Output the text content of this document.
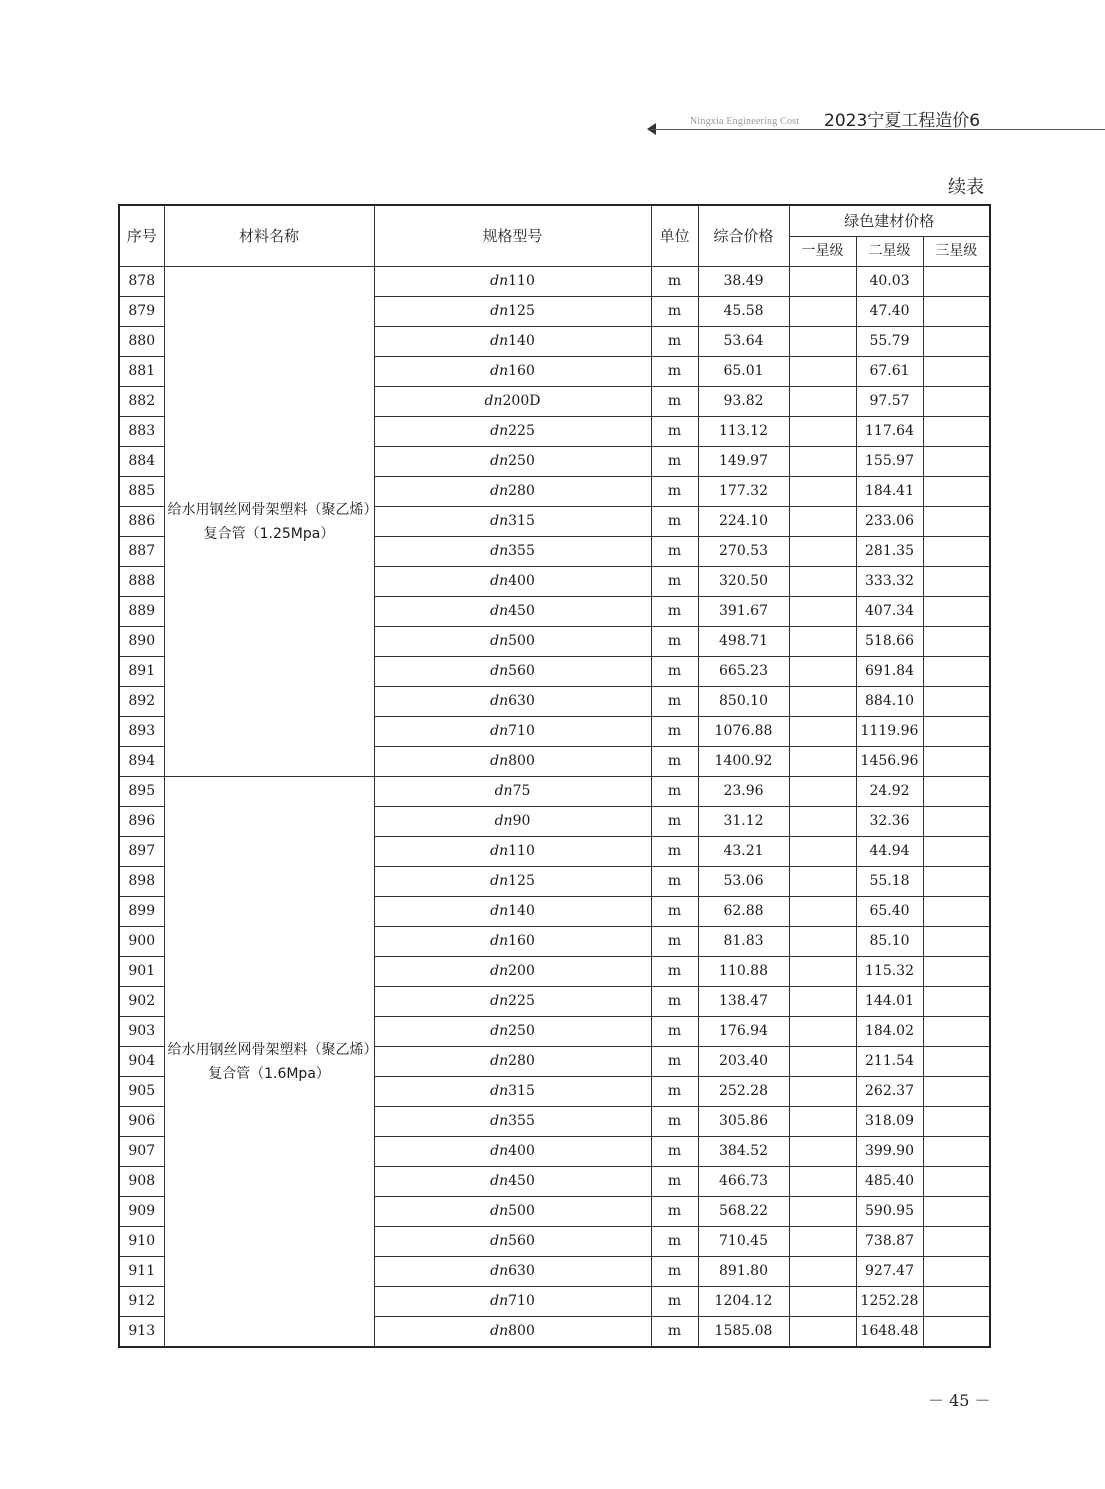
Ningxia Engineering Cost 2023宁夏工程造价6
续表
序号	材料名称	规格型号	单位	综合价格	绿色建材价格		
					一星级	二星级	三星级
878	给水用钢丝网骨架塑料（聚乙烯）复合管（1.25Mpa）	dn110	m	38.49		40.03	
879		dn125	m	45.58		47.40	
880		dn140	m	53.64		55.79	
881		dn160	m	65.01		67.61	
882		dn200D	m	93.82		97.57	
883		dn225	m	113.12		117.64	
884		dn250	m	149.97		155.97	
885		dn280	m	177.32		184.41	
886		dn315	m	224.10		233.06	
887		dn355	m	270.53		281.35	
888		dn400	m	320.50		333.32	
889		dn450	m	391.67		407.34	
890		dn500	m	498.71		518.66	
891		dn560	m	665.23		691.84	
892		dn630	m	850.10		884.10	
893		dn710	m	1076.88		1119.96	
894		dn800	m	1400.92		1456.96	
895	给水用钢丝网骨架塑料（聚乙烯）复合管（1.6Mpa）	dn75	m	23.96		24.92	
896		dn90	m	31.12		32.36	
897		dn110	m	43.21		44.94	
898		dn125	m	53.06		55.18	
899		dn140	m	62.88		65.40	
900		dn160	m	81.83		85.10	
901		dn200	m	110.88		115.32	
902		dn225	m	138.47		144.01	
903		dn250	m	176.94		184.02	
904		dn280	m	203.40		211.54	
905		dn315	m	252.28		262.37	
906		dn355	m	305.86		318.09	
907		dn400	m	384.52		399.90	
908		dn450	m	466.73		485.40	
909		dn500	m	568.22		590.95	
910		dn560	m	710.45		738.87	
911		dn630	m	891.80		927.47	
912		dn710	m	1204.12		1252.28	
913		dn800	m	1585.08		1648.48	
－ 45 －
